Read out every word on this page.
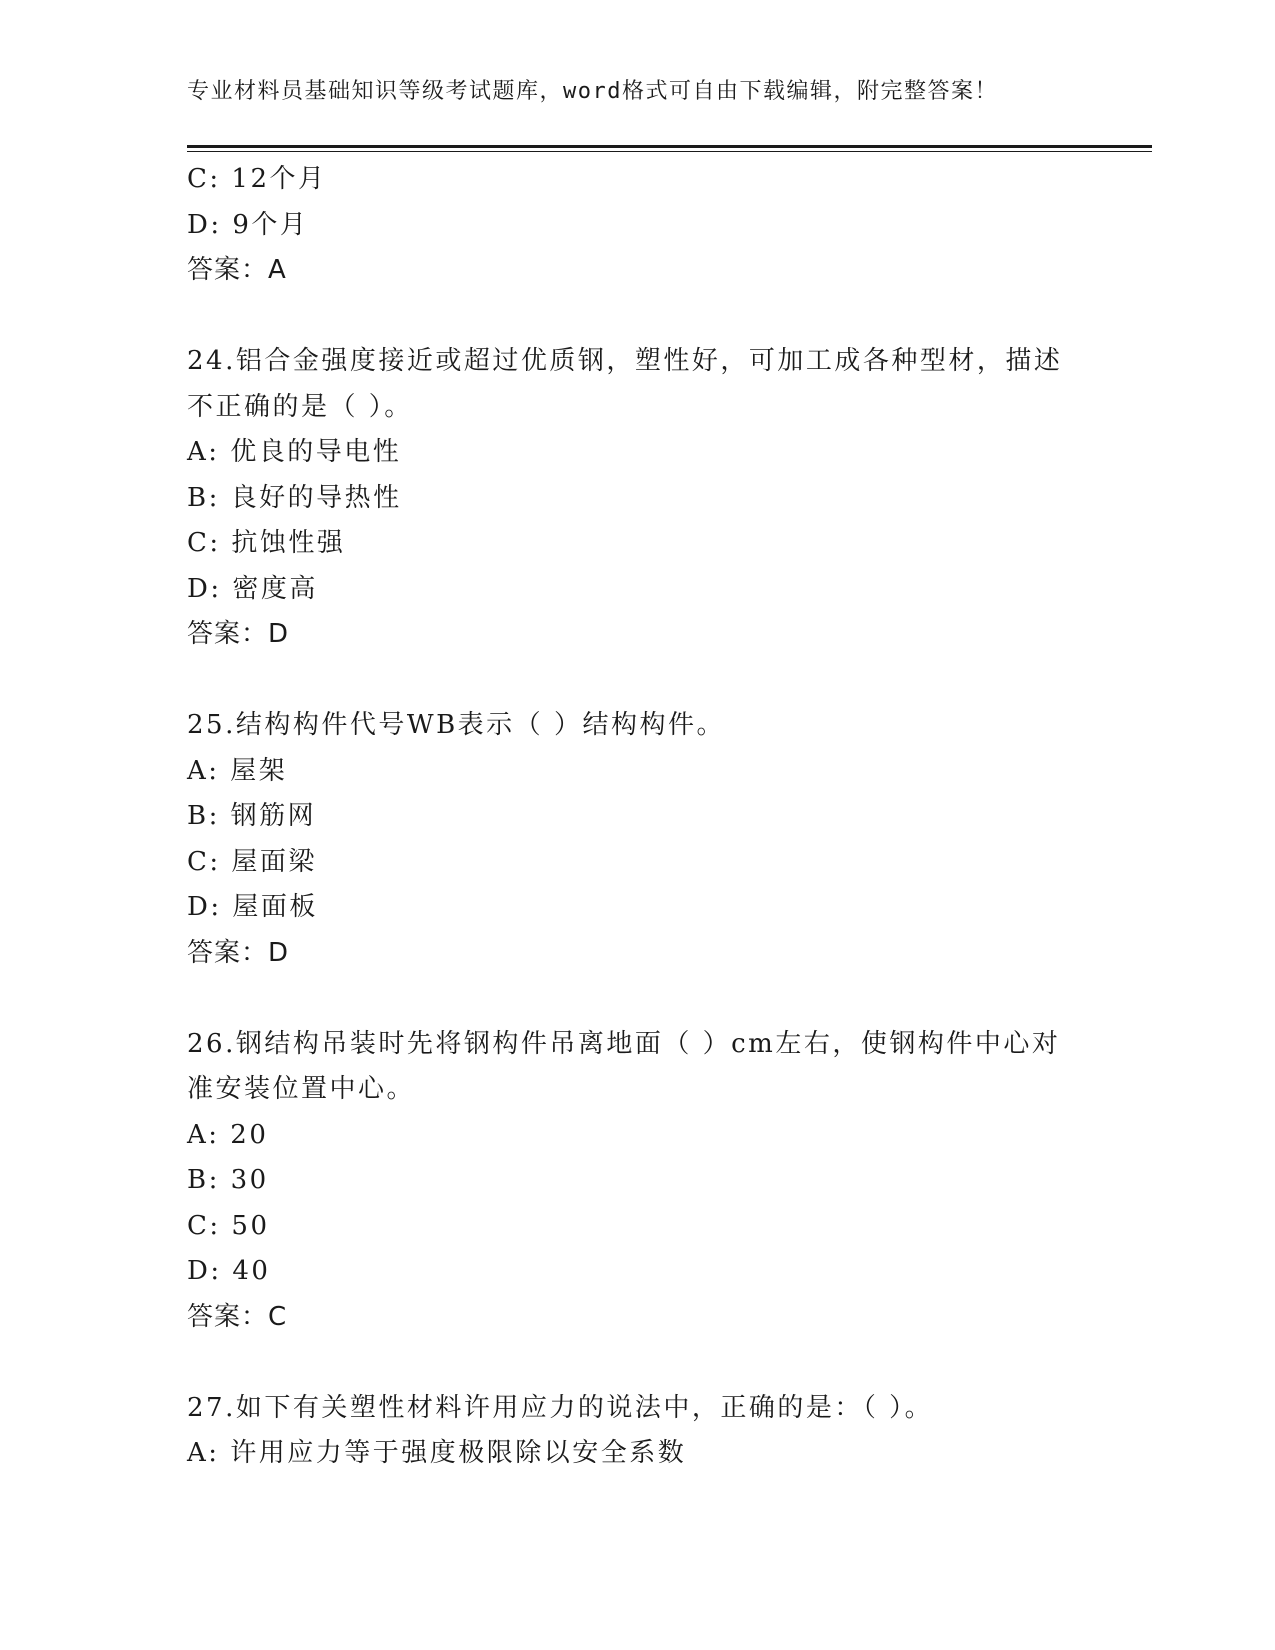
专业材料员基础知识等级考试题库，word格式可自由下载编辑，附完整答案！
C: 12个月
D: 9个月
答案：A
24.铝合金强度接近或超过优质钢，塑性好，可加工成各种型材，描述
不正确的是（ ）。
A: 优良的导电性
B: 良好的导热性
C: 抗蚀性强
D: 密度高
答案：D
25.结构构件代号WB表示（ ）结构构件。
A: 屋架
B: 钢筋网
C: 屋面梁
D: 屋面板
答案：D
26.钢结构吊装时先将钢构件吊离地面（ ）cm左右，使钢构件中心对
准安装位置中心。
A: 20
B: 30
C: 50
D: 40
答案：C
27.如下有关塑性材料许用应力的说法中，正确的是：（ ）。
A: 许用应力等于强度极限除以安全系数
